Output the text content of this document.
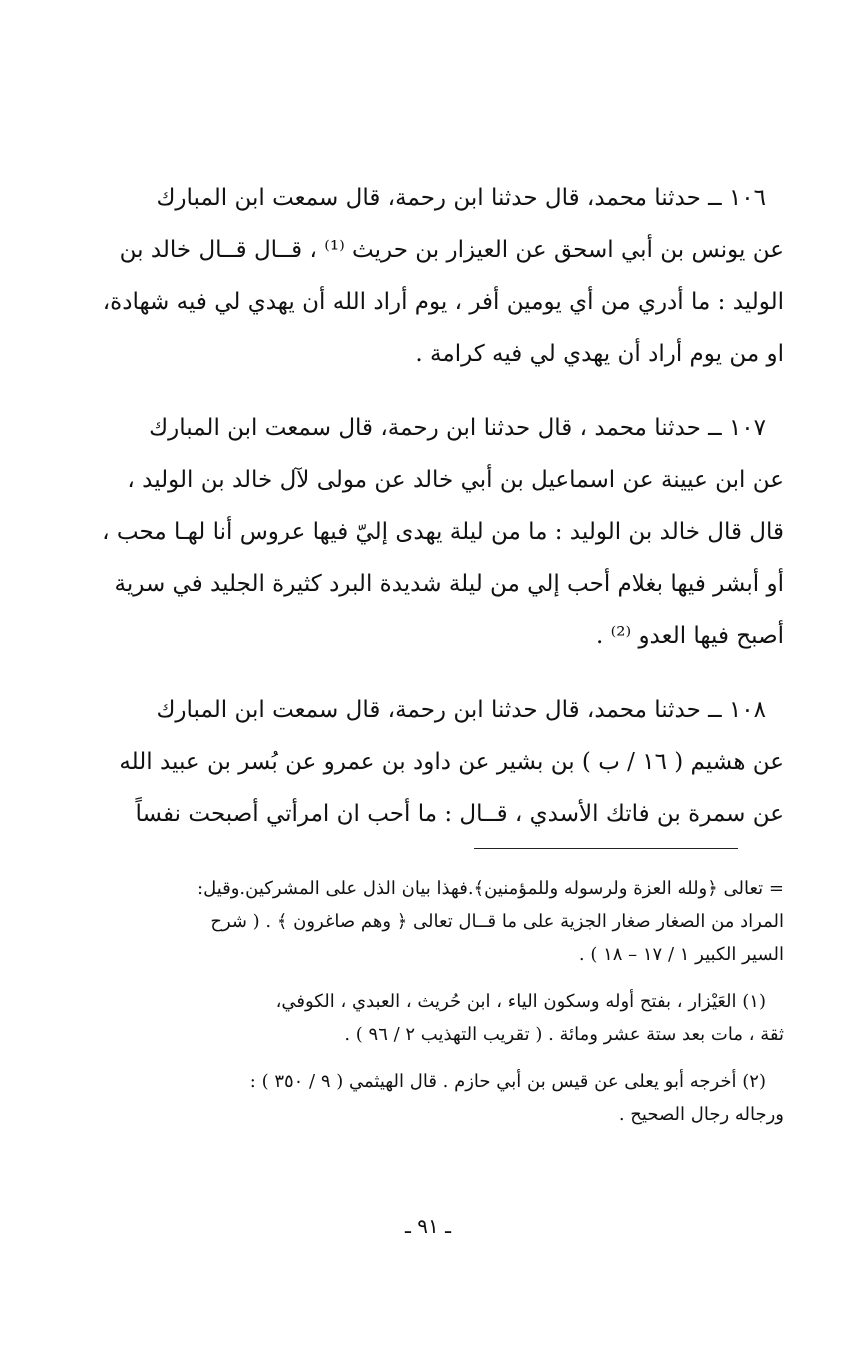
١٠٦ ــ حدثنا محمد، قال حدثنا ابن رحمة، قال سمعت ابن المبارك
عن يونس بن أبي اسحق عن العيزار بن حريث ⁽¹⁾ ، قــال قــال خالد بن
الوليد : ما أدري من أي يومين أفر ، يوم أراد الله أن يهدي لي فيه شهادة،
او من يوم أراد أن يهدي لي فيه كرامة .
١٠٧ ــ حدثنا محمد ، قال حدثنا ابن رحمة، قال سمعت ابن المبارك
عن ابن عيينة عن اسماعيل بن أبي خالد عن مولى لآل خالد بن الوليد ،
قال قال خالد بن الوليد : ما من ليلة يهدى إليّ فيها عروس أنا لهـا محب ،
أو أبشر فيها بغلام أحب إلي من ليلة شديدة البرد كثيرة الجليد في سرية
أصبح فيها العدو ⁽²⁾ .
١٠٨ ــ حدثنا محمد، قال حدثنا ابن رحمة، قال سمعت ابن المبارك
عن هشيم ( ١٦ / ب ) بن بشير عن داود بن عمرو عن بُسر بن عبيد الله
عن سمرة بن فاتك الأسدي ، قــال : ما أحب ان امرأتي أصبحت نفساً
= تعالى ﴿ولله العزة ولرسوله وللمؤمنين﴾.فهذا بيان الذل على المشركين.وقيل:
المراد من الصغار صغار الجزية على ما قــال تعالى ﴿ وهم صاغرون ﴾ . ( شرح
السير الكبير ١ / ١٧ – ١٨ ) .
(١) العَيْزار ، بفتح أوله وسكون الياء ، ابن حُريث ، العبدي ، الكوفي،
ثقة ، مات بعد ستة عشر ومائة . ( تقريب التهذيب ٢ / ٩٦ ) .
(٢) أخرجه أبو يعلى عن قيس بن أبي حازم . قال الهيثمي ( ٩ / ٣٥٠ ) :
ورجاله رجال الصحيح .
ـ ٩١ ـ
